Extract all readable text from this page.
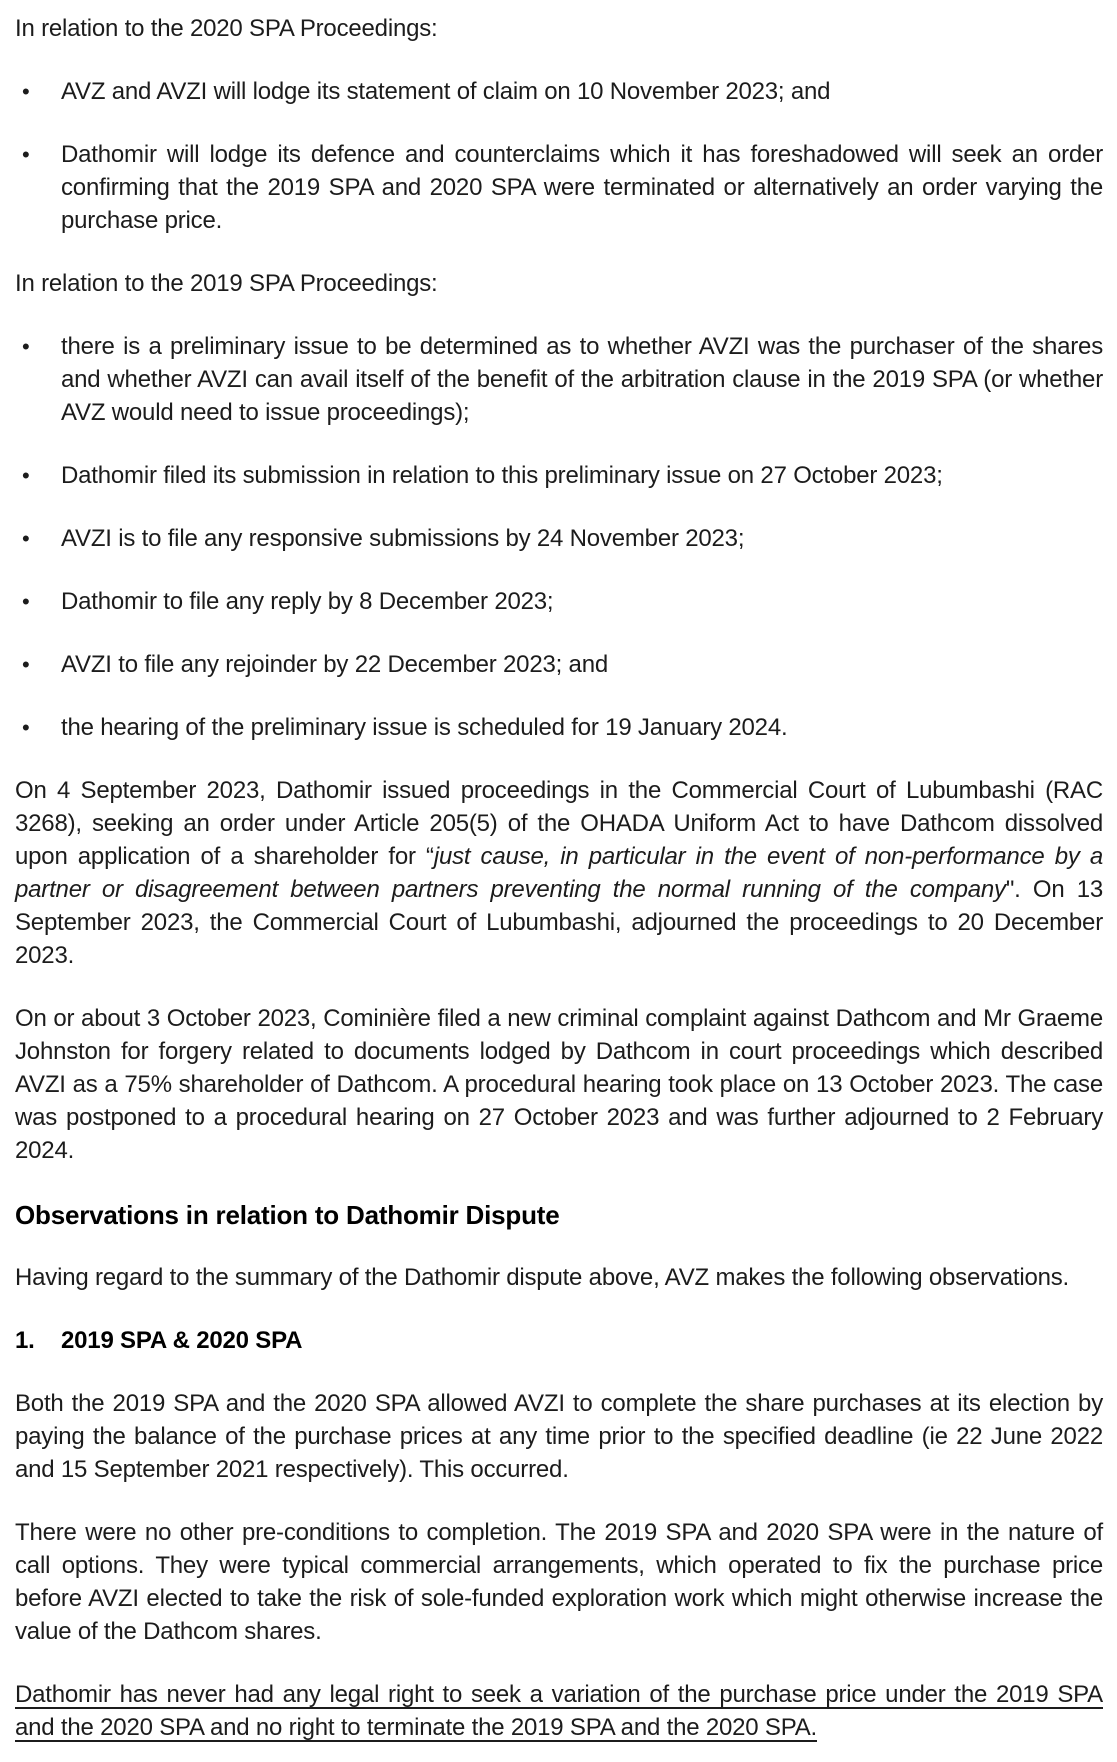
In relation to the 2020 SPA Proceedings:

• AVZ and AVZI will lodge its statement of claim on 10 November 2023; and
• Dathomir will lodge its defence and counterclaims which it has foreshadowed will seek an order confirming that the 2019 SPA and 2020 SPA were terminated or alternatively an order varying the purchase price.

In relation to the 2019 SPA Proceedings:

• there is a preliminary issue to be determined as to whether AVZI was the purchaser of the shares and whether AVZI can avail itself of the benefit of the arbitration clause in the 2019 SPA (or whether AVZ would need to issue proceedings);
• Dathomir filed its submission in relation to this preliminary issue on 27 October 2023;
• AVZI is to file any responsive submissions by 24 November 2023;
• Dathomir to file any reply by 8 December 2023;
• AVZI to file any rejoinder by 22 December 2023; and
• the hearing of the preliminary issue is scheduled for 19 January 2024.

On 4 September 2023, Dathomir issued proceedings in the Commercial Court of Lubumbashi (RAC 3268), seeking an order under Article 205(5) of the OHADA Uniform Act to have Dathcom dissolved upon application of a shareholder for “just cause, in particular in the event of non-performance by a partner or disagreement between partners preventing the normal running of the company". On 13 September 2023, the Commercial Court of Lubumbashi, adjourned the proceedings to 20 December 2023.

On or about 3 October 2023, Cominière filed a new criminal complaint against Dathcom and Mr Graeme Johnston for forgery related to documents lodged by Dathcom in court proceedings which described AVZI as a 75% shareholder of Dathcom. A procedural hearing took place on 13 October 2023. The case was postponed to a procedural hearing on 27 October 2023 and was further adjourned to 2 February 2024.

Observations in relation to Dathomir Dispute

Having regard to the summary of the Dathomir dispute above, AVZ makes the following observations.

1. 2019 SPA & 2020 SPA

Both the 2019 SPA and the 2020 SPA allowed AVZI to complete the share purchases at its election by paying the balance of the purchase prices at any time prior to the specified deadline (ie 22 June 2022 and 15 September 2021 respectively). This occurred.

There were no other pre-conditions to completion. The 2019 SPA and 2020 SPA were in the nature of call options. They were typical commercial arrangements, which operated to fix the purchase price before AVZI elected to take the risk of sole-funded exploration work which might otherwise increase the value of the Dathcom shares.

Dathomir has never had any legal right to seek a variation of the purchase price under the 2019 SPA and the 2020 SPA and no right to terminate the 2019 SPA and the 2020 SPA.
